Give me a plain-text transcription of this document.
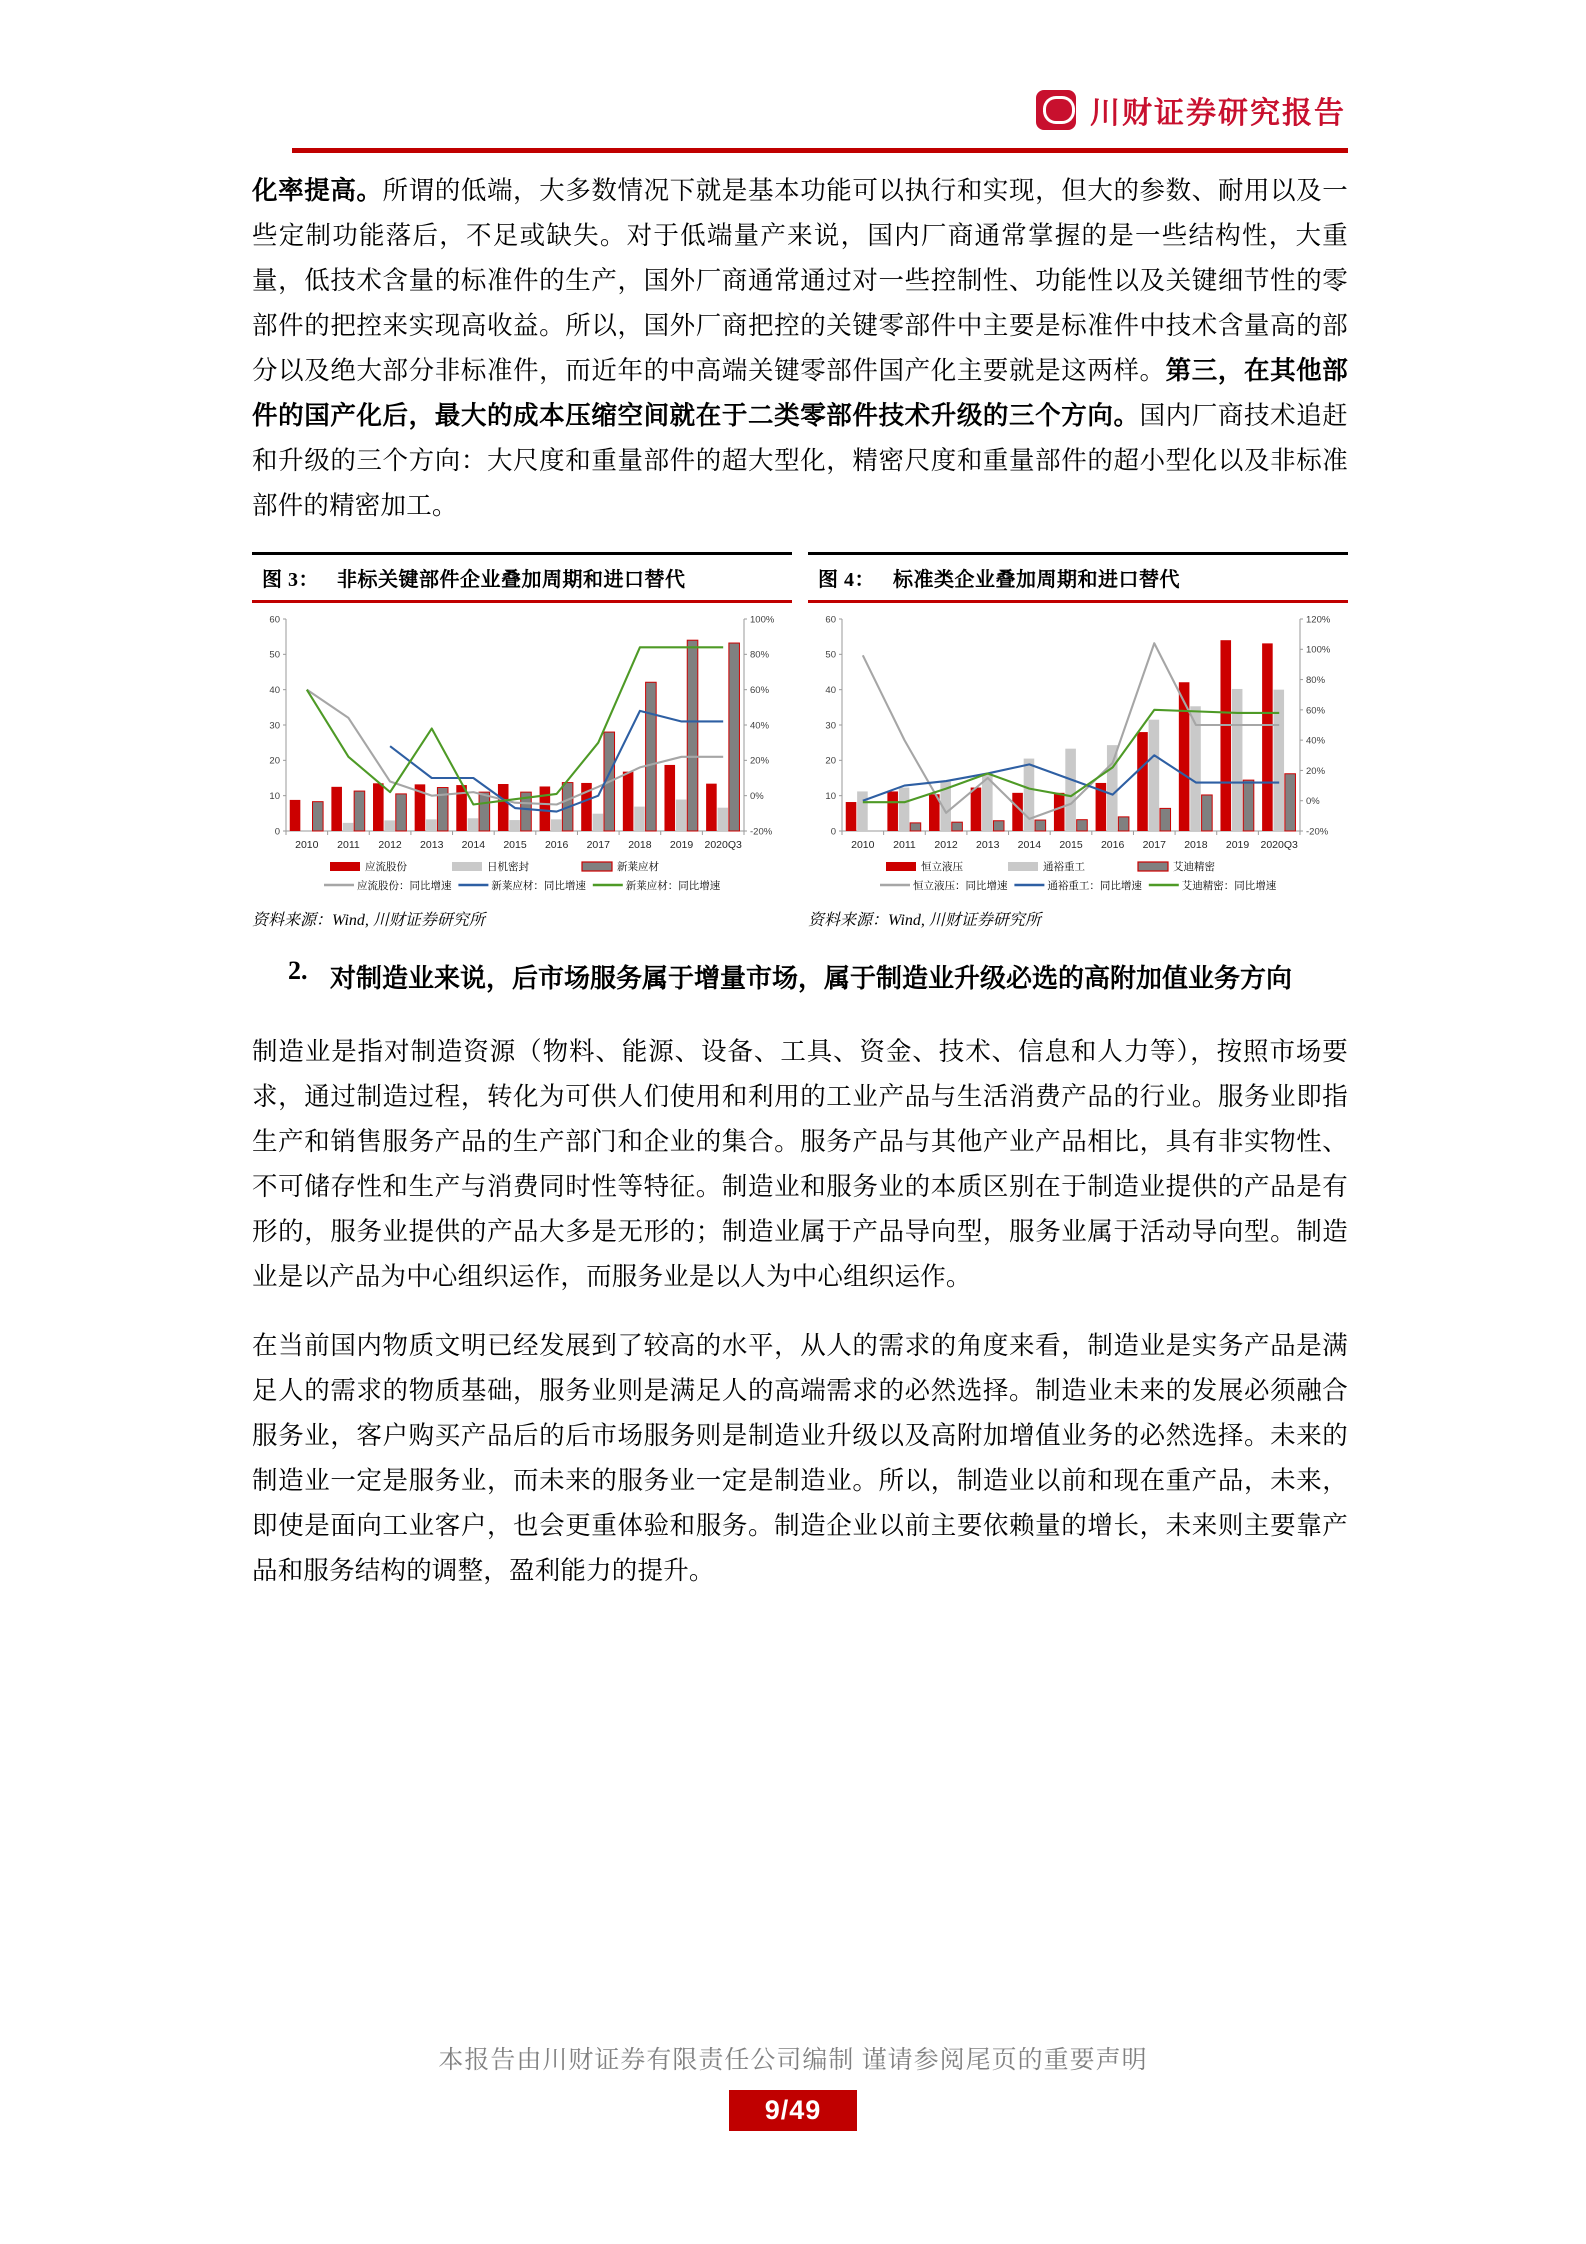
川财证券研究报告

化率提高。所谓的低端，大多数情况下就是基本功能可以执行和实现，但大的参数、耐用以及一些定制功能落后，不足或缺失。对于低端量产来说，国内厂商通常掌握的是一些结构性，大重量，低技术含量的标准件的生产，国外厂商通常通过对一些控制性、功能性以及关键细节性的零部件的把控来实现高收益。所以，国外厂商把控的关键零部件中主要是标准件中技术含量高的部分以及绝大部分非标准件，而近年的中高端关键零部件国产化主要就是这两样。第三，在其他部件的国产化后，最大的成本压缩空间就在于二类零部件技术升级的三个方向。国内厂商技术追赶和升级的三个方向：大尺度和重量部件的超大型化，精密尺度和重量部件的超小型化以及非标准部件的精密加工。

图 3： 非标关键部件企业叠加周期和进口替代
0
10
20
30
40
50
60
-20%
0%
20%
40%
60%
80%
100%
2010 2011 2012 2013 2014 2015 2016 2017 2018 2019 2020Q3
应流股份	日机密封	新莱应材
应流股份：同比增速	新莱应材：同比增速	新莱应材：同比增速
资料来源：Wind, 川财证券研究所
图 4： 标准类企业叠加周期和进口替代
0
10
20
30
40
50
60
-20%
0%
20%
40%
60%
80%
100%
120%
2010 2011 2012 2013 2014 2015 2016 2017 2018 2019 2020Q3
恒立液压	通裕重工	艾迪精密
恒立液压：同比增速	通裕重工：同比增速	艾迪精密：同比增速
资料来源：Wind, 川财证券研究所
2. 对制造业来说，后市场服务属于增量市场，属于制造业升级必选的高附加值业务方向

制造业是指对制造资源（物料、能源、设备、工具、资金、技术、信息和人力等），按照市场要求，通过制造过程，转化为可供人们使用和利用的工业产品与生活消费产品的行业。服务业即指生产和销售服务产品的生产部门和企业的集合。服务产品与其他产业产品相比，具有非实物性、不可储存性和生产与消费同时性等特征。制造业和服务业的本质区别在于制造业提供的产品是有形的，服务业提供的产品大多是无形的；制造业属于产品导向型，服务业属于活动导向型。制造业是以产品为中心组织运作，而服务业是以人为中心组织运作。

在当前国内物质文明已经发展到了较高的水平，从人的需求的角度来看，制造业是实务产品是满足人的需求的物质基础，服务业则是满足人的高端需求的必然选择。制造业未来的发展必须融合服务业，客户购买产品后的后市场服务则是制造业升级以及高附加增值业务的必然选择。未来的制造业一定是服务业，而未来的服务业一定是制造业。所以，制造业以前和现在重产品，未来，即使是面向工业客户，也会更重体验和服务。制造企业以前主要依赖量的增长，未来则主要靠产品和服务结构的调整，盈利能力的提升。

本报告由川财证券有限责任公司编制 谨请参阅尾页的重要声明
9/49
